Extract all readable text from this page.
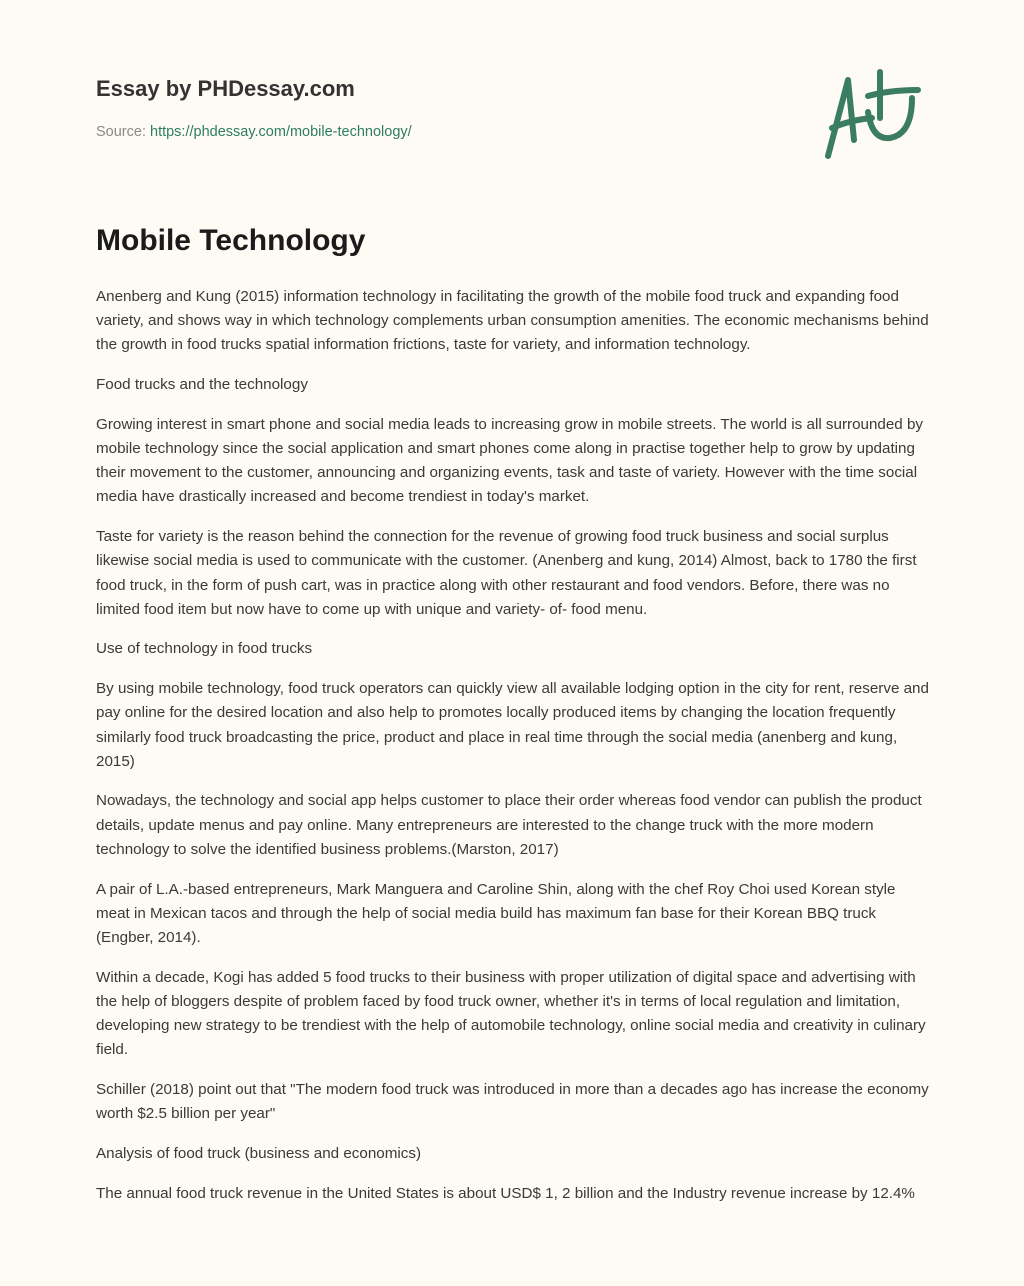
Essay by PHDessay.com
Source: https://phdessay.com/mobile-technology/
Mobile Technology

Anenberg and Kung (2015) information technology in facilitating the growth of the mobile food truck and expanding food variety, and shows way in which technology complements urban consumption amenities. The economic mechanisms behind the growth in food trucks spatial information frictions, taste for variety, and information technology.

Food trucks and the technology

Growing interest in smart phone and social media leads to increasing grow in mobile streets. The world is all surrounded by mobile technology since the social application and smart phones come along in practise together help to grow by updating their movement to the customer, announcing and organizing events, task and taste of variety. However with the time social media have drastically increased and become trendiest in today's market.

Taste for variety is the reason behind the connection for the revenue of growing food truck business and social surplus likewise social media is used to communicate with the customer. (Anenberg and kung, 2014) Almost, back to 1780 the first food truck, in the form of push cart, was in practice along with other restaurant and food vendors. Before, there was no limited food item but now have to come up with unique and variety- of- food menu.

Use of technology in food trucks

By using mobile technology, food truck operators can quickly view all available lodging option in the city for rent, reserve and pay online for the desired location and also help to promotes locally produced items by changing the location frequently similarly food truck broadcasting the price, product and place in real time through the social media (anenberg and kung, 2015)

Nowadays, the technology and social app helps customer to place their order whereas food vendor can publish the product details, update menus and pay online. Many entrepreneurs are interested to the change truck with the more modern technology to solve the identified business problems.(Marston, 2017)

A pair of L.A.-based entrepreneurs, Mark Manguera and Caroline Shin, along with the chef Roy Choi used Korean style meat in Mexican tacos and through the help of social media build has maximum fan base for their Korean BBQ truck (Engber, 2014).

Within a decade, Kogi has added 5 food trucks to their business with proper utilization of digital space and advertising with the help of bloggers despite of problem faced by food truck owner, whether it's in terms of local regulation and limitation, developing new strategy to be trendiest with the help of automobile technology, online social media and creativity in culinary field.

Schiller (2018) point out that "The modern food truck was introduced in more than a decades ago has increase the economy worth $2.5 billion per year"

Analysis of food truck (business and economics)

The annual food truck revenue in the United States is about USD$ 1, 2 billion and the Industry revenue increase by 12.4%
